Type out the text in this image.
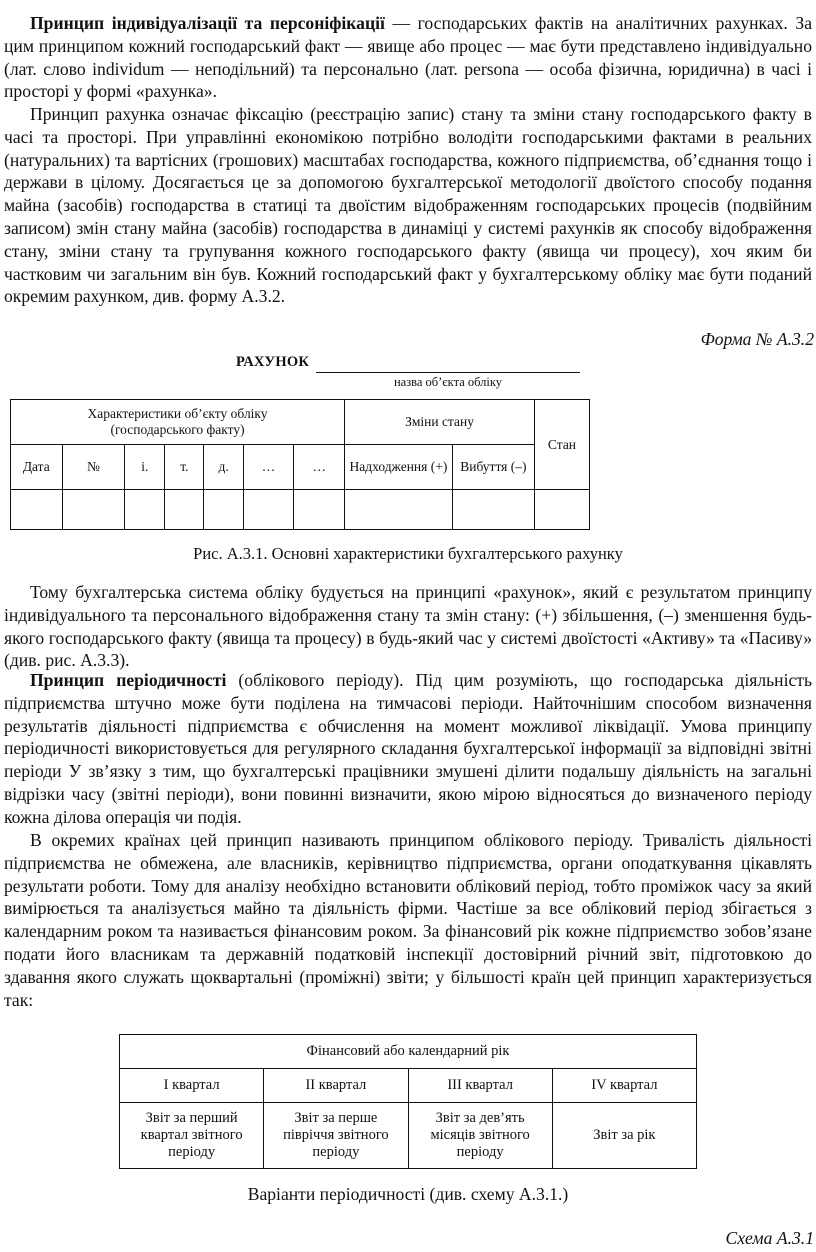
Принцип індивідуалізації та персоніфікації — господарських фактів на аналітичних рахунках. За цим принципом кожний господарський факт — явище або процес — має бути представлено індивідуально (лат. слово individum — неподільний) та персонально (лат. persona — особа фізична, юридична) в часі і просторі у формі «рахунка».

Принцип рахунка означає фіксацію (реєстрацію запис) стану та зміни стану господарського факту в часі та просторі. При управлінні економікою потрібно володіти господарськими фактами в реальних (натуральних) та вартісних (грошових) масштабах господарства, кожного підприємства, об’єднання тощо і держави в цілому. Досягається це за допомогою бухгалтерської методології двоїстого способу подання майна (засобів) господарства в статиці та двоїстим відображенням господарських процесів (подвійним записом) змін стану майна (засобів) господарства в динаміці у системі рахунків як способу відображення стану, зміни стану та групування кожного господарського факту (явища чи процесу), хоч яким би частковим чи загальним він був. Кожний господарський факт у бухгалтерському обліку має бути поданий окремим рахунком, див. форму А.3.2.

Форма № А.3.2
РАХУНОК
назва об’єкта обліку
Характеристики об’єкту обліку (господарського факту)							Зміни стану		Стан
Дата	№	і.	т.	д.	…	…	Надходження (+)	Вибуття (–)	

Рис. А.3.1. Основні характеристики бухгалтерського рахунку

Тому бухгалтерська система обліку будується на принципі «рахунок», який є результатом принципу індивідуального та персонального відображення стану та змін стану: (+) збільшення, (–) зменшення будь-якого господарського факту (явища та процесу) в будь-який час у системі двоїстості «Активу» та «Пасиву» (див. рис. А.3.3).

Принцип періодичності (облікового періоду). Під цим розуміють, що господарська діяльність підприємства штучно може бути поділена на тимчасові періоди. Найточнішим способом визначення результатів діяльності підприємства є обчислення на момент можливої ліквідації. Умова принципу періодичності використовується для регулярного складання бухгалтерської інформації за відповідні звітні періоди У зв’язку з тим, що бухгалтерські працівники змушені ділити подальшу діяльність на загальні відрізки часу (звітні періоди), вони повинні визначити, якою мірою відносяться до визначеного періоду кожна ділова операція чи подія.

В окремих країнах цей принцип називають принципом облікового періоду. Тривалість діяльності підприємства не обмежена, але власників, керівництво підприємства, органи оподаткування цікавлять результати роботи. Тому для аналізу необхідно встановити обліковий період, тобто проміжок часу за який вимірюється та аналізується майно та діяльність фірми. Частіше за все обліковий період збігається з календарним роком та називається фінансовим роком. За фінансовий рік кожне підприємство зобов’язане подати його власникам та державній податковій інспекції достовірний річний звіт, підготовкою до здавання якого служать щоквартальні (проміжні) звіти; у більшості країн цей принцип характеризується так:

Фінансовий або календарний рік			
I квартал	II квартал	III квартал	IV квартал
Звіт за перший квартал звітного періоду	Звіт за перше півріччя звітного періоду	Звіт за дев’ять місяців звітного періоду	Звіт за рік
Варіанти періодичності (див. схему А.3.1.)
Схема А.3.1
